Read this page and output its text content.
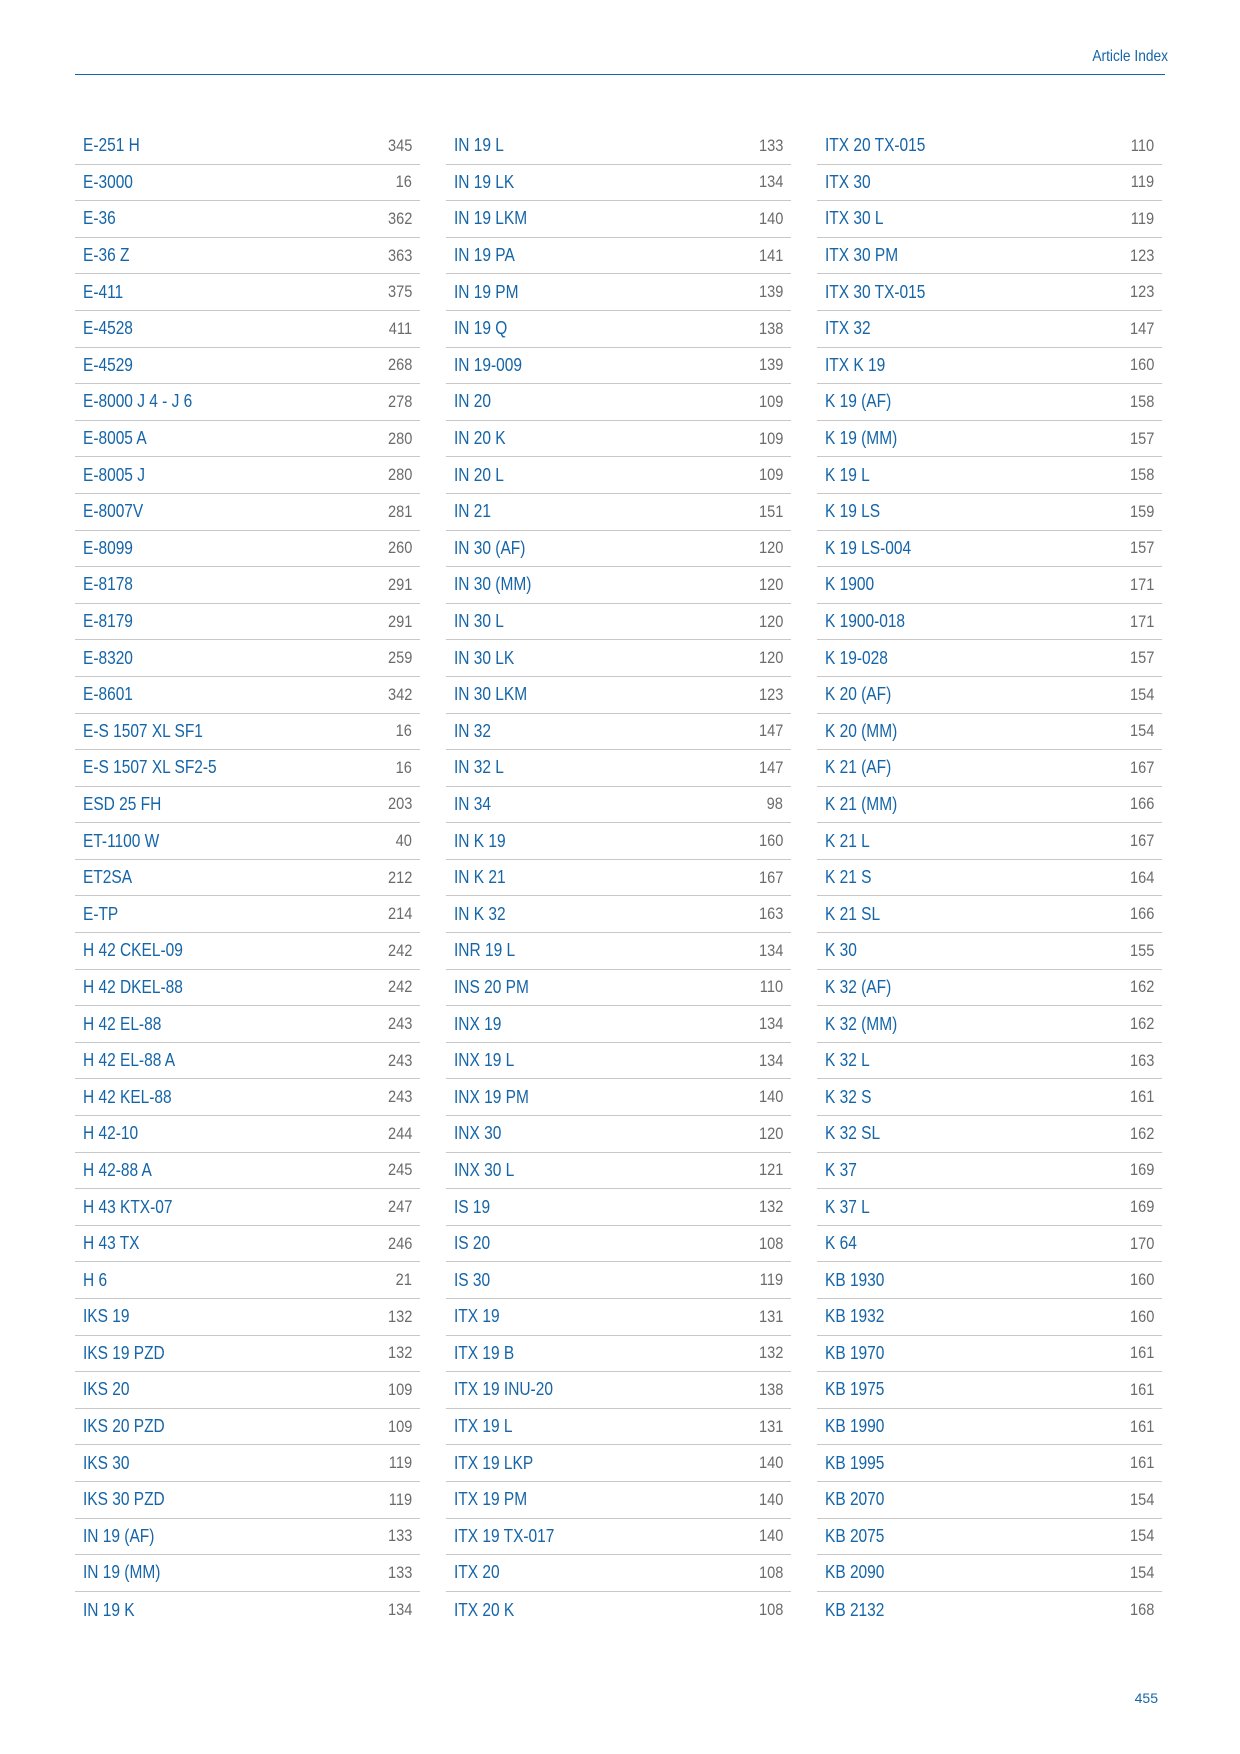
Article Index
E-251 H	345
E-3000	16
E-36	362
E-36 Z	363
E-411	375
E-4528	411
E-4529	268
E-8000 J 4 - J 6	278
E-8005 A	280
E-8005 J	280
E-8007V	281
E-8099	260
E-8178	291
E-8179	291
E-8320	259
E-8601	342
E-S 1507 XL SF1	16
E-S 1507 XL SF2-5	16
ESD 25 FH	203
ET-1100 W	40
ET2SA	212
E-TP	214
H 42 CKEL-09	242
H 42 DKEL-88	242
H 42 EL-88	243
H 42 EL-88 A	243
H 42 KEL-88	243
H 42-10	244
H 42-88 A	245
H 43 KTX-07	247
H 43 TX	246
H 6	21
IKS 19	132
IKS 19 PZD	132
IKS 20	109
IKS 20 PZD	109
IKS 30	119
IKS 30 PZD	119
IN 19 (AF)	133
IN 19 (MM)	133
IN 19 K	134
IN 19 L	133
IN 19 LK	134
IN 19 LKM	140
IN 19 PA	141
IN 19 PM	139
IN 19 Q	138
IN 19-009	139
IN 20	109
IN 20 K	109
IN 20 L	109
IN 21	151
IN 30 (AF)	120
IN 30 (MM)	120
IN 30 L	120
IN 30 LK	120
IN 30 LKM	123
IN 32	147
IN 32 L	147
IN 34	98
IN K 19	160
IN K 21	167
IN K 32	163
INR 19 L	134
INS 20 PM	110
INX 19	134
INX 19 L	134
INX 19 PM	140
INX 30	120
INX 30 L	121
IS 19	132
IS 20	108
IS 30	119
ITX 19	131
ITX 19 B	132
ITX 19 INU-20	138
ITX 19 L	131
ITX 19 LKP	140
ITX 19 PM	140
ITX 19 TX-017	140
ITX 20	108
ITX 20 K	108
ITX 20 TX-015	110
ITX 30	119
ITX 30 L	119
ITX 30 PM	123
ITX 30 TX-015	123
ITX 32	147
ITX K 19	160
K 19 (AF)	158
K 19 (MM)	157
K 19 L	158
K 19 LS	159
K 19 LS-004	157
K 1900	171
K 1900-018	171
K 19-028	157
K 20 (AF)	154
K 20 (MM)	154
K 21 (AF)	167
K 21 (MM)	166
K 21 L	167
K 21 S	164
K 21 SL	166
K 30	155
K 32 (AF)	162
K 32 (MM)	162
K 32 L	163
K 32 S	161
K 32 SL	162
K 37	169
K 37 L	169
K 64	170
KB 1930	160
KB 1932	160
KB 1970	161
KB 1975	161
KB 1990	161
KB 1995	161
KB 2070	154
KB 2075	154
KB 2090	154
KB 2132	168
455
